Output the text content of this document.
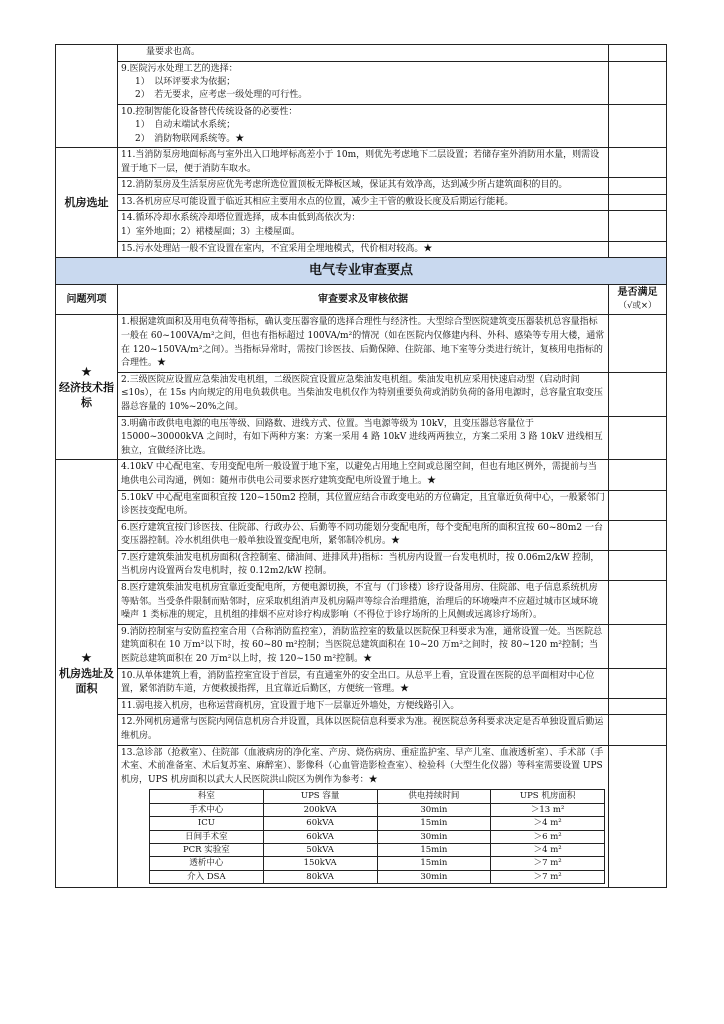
	量要求也高。	

	9.医院污水处理工艺的选择：
1）　以环评要求为依据；
2）　若无要求，应考虑一级处理的可行性。	

	10.控制智能化设备替代传统设备的必要性：
1）　自动末端试水系统；
2）　消防物联网系统等。★	

机房选址	11.当消防泵房地面标高与室外出入口地坪标高差小于 10m，则优先考虑地下二层设置；若储存室外消防用水量，则需设置于地下一层，便于消防车取水。	
	12.消防泵房及生活泵房应优先考虑所选位置顶板无降板区域，保证其有效净高，达到减少所占建筑面积的目的。	
	13.各机房应尽可能设置于临近其相应主要用水点的位置，减少主干管的敷设长度及后期运行能耗。	

	14.循环冷却水系统冷却塔位置选择，成本由低到高依次为：
1）室外地面；2）裙楼屋面；3）主楼屋面。	

	15.污水处理站一般不宜设置在室内，不宜采用全埋地模式，代价相对较高。★	
电气专业审查要点
问题列项	审查要求及审核依据	是否满足
（√或×）

★
经济技术指标	1.根据建筑面积及用电负荷等指标，确认变压器容量的选择合理性与经济性。大型综合型医院建筑变压器装机总容量指标一般在 60~100VA/m²之间，但也有指标超过 100VA/m²的情况（如在医院内仅修建内科、外科、感染等专用大楼，通常在 120~150VA/m²之间）。当指标异常时，需按门诊医技、后勤保障、住院部、地下室等分类进行统计，复核用电指标的合理性。★	
2.三级医院应设置应急柴油发电机组，二级医院宜设置应急柴油发电机组。柴油发电机应采用快速启动型（启动时间≤10s），在 15s 内向规定的用电负载供电。当柴油发电机仅作为特别重要负荷或消防负荷的备用电源时，总容量宜取变压器总容量的 10%~20%之间。	
3.明确市政供电电源的电压等级、回路数、进线方式、位置。当电源等级为 10kV，且变压器总容量位于 15000~30000kVA 之间时，有如下两种方案：方案一采用 4 路 10kV 进线两两独立，方案二采用 3 路 10kV 进线相互独立，宜做经济比选。	

★
机房选址及面积	4.10kV 中心配电室、专用变配电所一般设置于地下室，以避免占用地上空间或总图空间，但也有地区例外，需提前与当地供电公司沟通，例如：随州市供电公司要求医疗建筑变配电所设置于地上。★	
5.10kV 中心配电室面积宜按 120~150m2 控制，其位置应结合市政变电站的方位确定，且宜靠近负荷中心，一般紧邻门诊医技变配电所。	
6.医疗建筑宜按门诊医技、住院部、行政办公、后勤等不同功能划分变配电所，每个变配电所的面积宜按 60~80m2 一台变压器控制。冷水机组供电一般单独设置变配电所，紧邻制冷机房。★	
7.医疗建筑柴油发电机房面积(含控制室、储油间、进排风井)指标：当机房内设置一台发电机时，按 0.06m2/kW 控制，当机房内设置两台发电机时，按 0.12m2/kW 控制。	
8.医疗建筑柴油发电机房宜靠近变配电所，方便电源切换，不宜与（门诊楼）诊疗设备用房、住院部、电子信息系统机房等贴邻。当受条件限制而贴邻时，应采取机组消声及机房隔声等综合治理措施，治理后的环境噪声不应超过城市区域环境噪声 1 类标准的规定，且机组的排烟不应对诊疗构成影响（不得位于诊疗场所的上风侧或远离诊疗场所）。	
9.消防控制室与安防监控室合用（合称消防监控室），消防监控室的数量以医院保卫科要求为准，通常设置一处。当医院总建筑面积在 10 万m²以下时，按 60~80 m²控制；当医院总建筑面积在 10~20 万m²之间时，按 80~120 m²控制；当医院总建筑面积在 20 万m²以上时，按 120~150 m²控制。★	
10.从单体建筑上看，消防监控室宜设于首层，有直通室外的安全出口。从总平上看，宜设置在医院的总平面相对中心位置，紧邻消防车道，方便救援指挥，且宜靠近后勤区，方便统一管理。★	
11.弱电接入机房，也称运营商机房，宜设置于地下一层靠近外墙处，方便线路引入。	
12.外网机房通常与医院内网信息机房合并设置，具体以医院信息科要求为准。视医院总务科要求决定是否单独设置后勤运维机房。	

13.急诊部（抢救室）、住院部（血液病房的净化室、产房、烧伤病房、重症监护室、早产儿室、血液透析室）、手术部（手术室、术前准备室、术后复苏室、麻醉室）、影像科（心血管造影检查室）、检验科（大型生化仪器）等科室需要设置 UPS 机房，UPS 机房面积以武大人民医院洪山院区为例作为参考：★
科室	UPS 容量	供电持续时间	UPS 机房面积
手术中心	200kVA	30min	＞13 m²
ICU	60kVA	15min	＞4 m²
日间手术室	60kVA	30min	＞6 m²
PCR 实验室	50kVA	15min	＞4 m²
透析中心	150kVA	15min	＞7 m²
介入 DSA	80kVA	30min	＞7 m²
